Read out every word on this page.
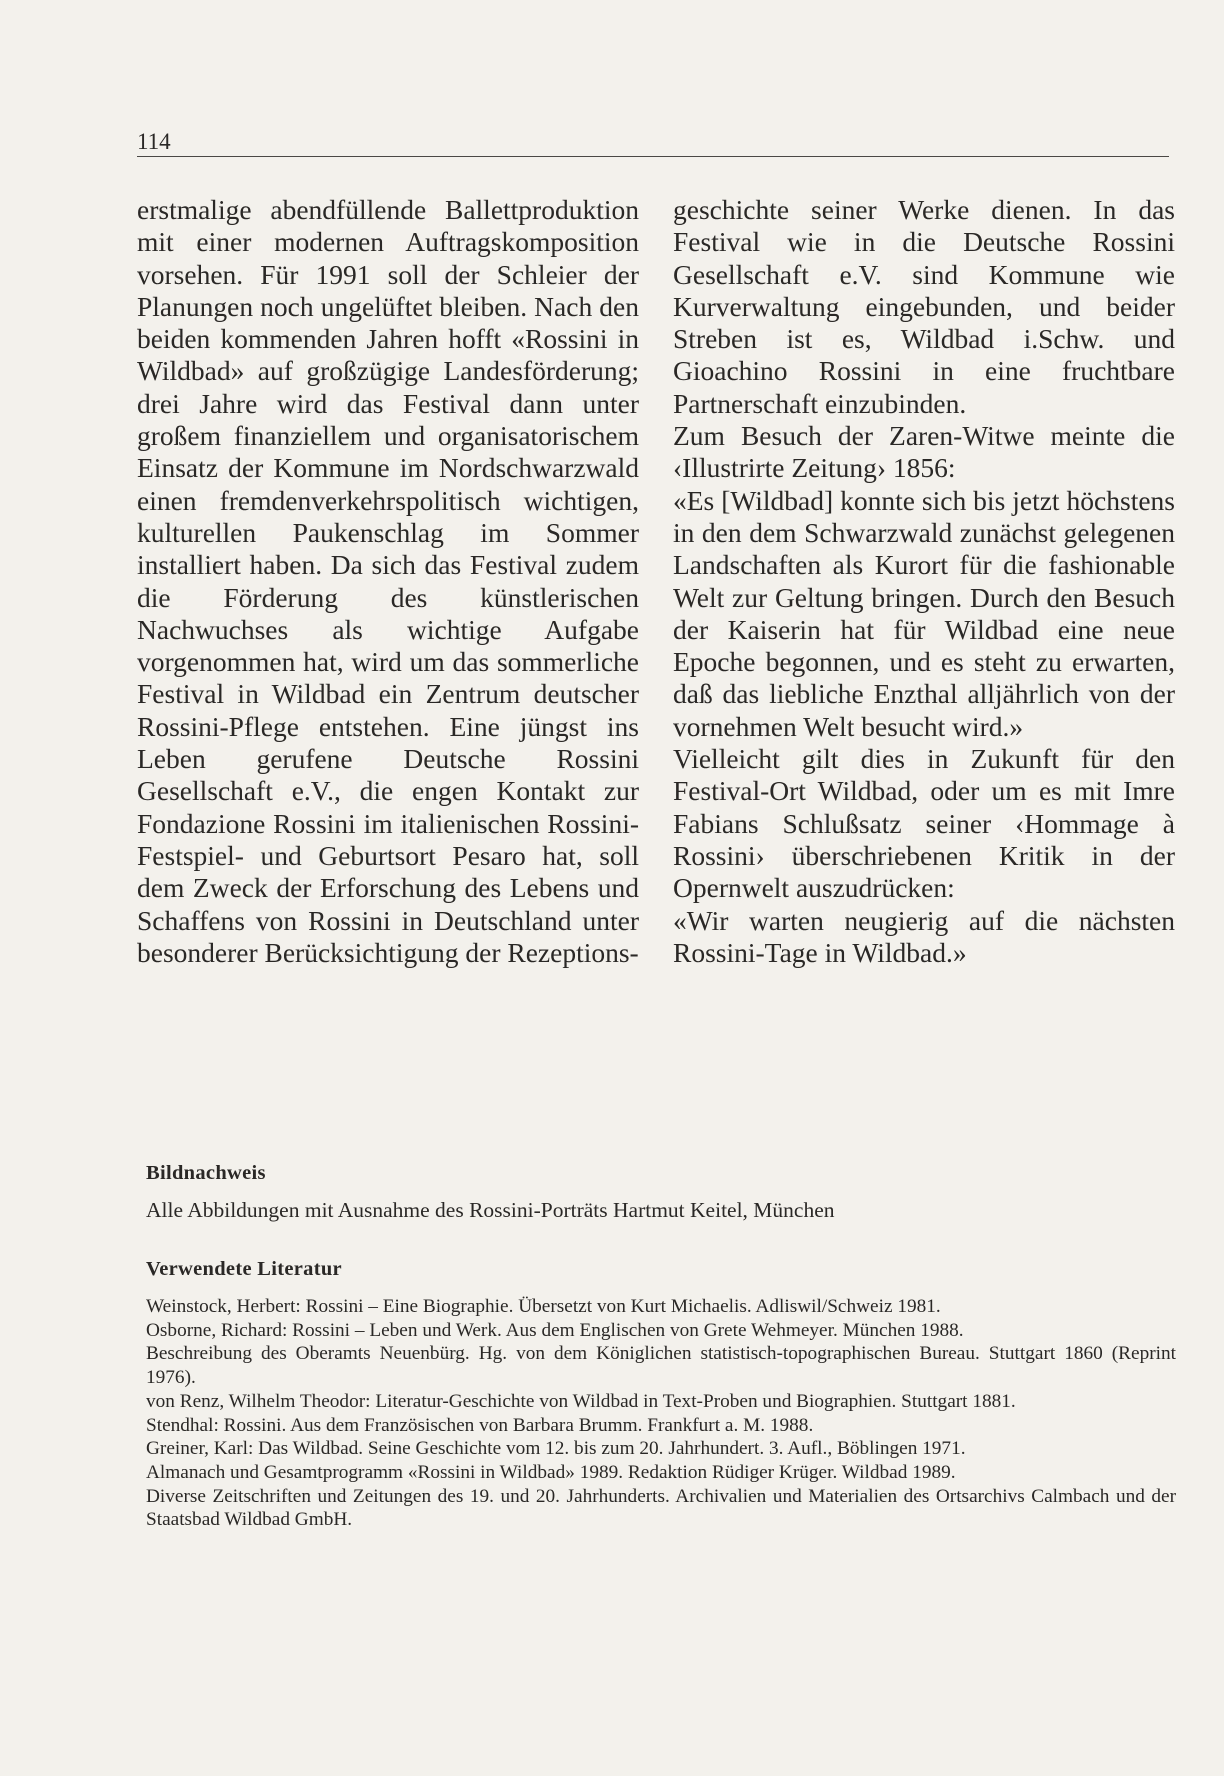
114

erstmalige abendfüllende Ballettproduktion mit einer modernen Auftragskomposition vorsehen. Für 1991 soll der Schleier der Planungen noch ungelüftet bleiben. Nach den beiden kommenden Jahren hofft «Rossini in Wildbad» auf großzügige Landesförderung; drei Jahre wird das Festival dann unter großem finanziellem und organisatorischem Einsatz der Kommune im Nordschwarzwald einen fremdenverkehrspolitisch wichtigen, kulturellen Paukenschlag im Sommer installiert haben. Da sich das Festival zudem die Förderung des künstlerischen Nachwuchses als wichtige Aufgabe vorgenommen hat, wird um das sommerliche Festival in Wildbad ein Zentrum deutscher Rossini-Pflege entstehen. Eine jüngst ins Leben gerufene Deutsche Rossini Gesellschaft e.V., die engen Kontakt zur Fondazione Rossini im italienischen Rossini-Festspiel- und Geburtsort Pesaro hat, soll dem Zweck der Erforschung des Lebens und Schaffens von Rossini in Deutschland unter besonderer Berücksichtigung der Rezeptions-

geschichte seiner Werke dienen. In das Festival wie in die Deutsche Rossini Gesellschaft e.V. sind Kommune wie Kurverwaltung eingebunden, und beider Streben ist es, Wildbad i.Schw. und Gioachino Rossini in eine fruchtbare Partnerschaft einzubinden.

Zum Besuch der Zaren-Witwe meinte die ‹Illustrirte Zeitung› 1856:

«Es [Wildbad] konnte sich bis jetzt höchstens in den dem Schwarzwald zunächst gelegenen Landschaften als Kurort für die fashionable Welt zur Geltung bringen. Durch den Besuch der Kaiserin hat für Wildbad eine neue Epoche begonnen, und es steht zu erwarten, daß das liebliche Enzthal alljährlich von der vornehmen Welt besucht wird.»

Vielleicht gilt dies in Zukunft für den Festival-Ort Wildbad, oder um es mit Imre Fabians Schlußsatz seiner ‹Hommage à Rossini› überschriebenen Kritik in der Opernwelt auszudrücken:

«Wir warten neugierig auf die nächsten Rossini-Tage in Wildbad.»

Bildnachweis
Alle Abbildungen mit Ausnahme des Rossini-Porträts Hartmut Keitel, München
Verwendete Literatur

Weinstock, Herbert: Rossini – Eine Biographie. Übersetzt von Kurt Michaelis. Adliswil/Schweiz 1981.

Osborne, Richard: Rossini – Leben und Werk. Aus dem Englischen von Grete Wehmeyer. München 1988.

Beschreibung des Oberamts Neuenbürg. Hg. von dem Königlichen statistisch-topographischen Bureau. Stuttgart 1860 (Reprint 1976).

von Renz, Wilhelm Theodor: Literatur-Geschichte von Wildbad in Text-Proben und Biographien. Stuttgart 1881.

Stendhal: Rossini. Aus dem Französischen von Barbara Brumm. Frankfurt a. M. 1988.

Greiner, Karl: Das Wildbad. Seine Geschichte vom 12. bis zum 20. Jahrhundert. 3. Aufl., Böblingen 1971.

Almanach und Gesamtprogramm «Rossini in Wildbad» 1989. Redaktion Rüdiger Krüger. Wildbad 1989.

Diverse Zeitschriften und Zeitungen des 19. und 20. Jahrhunderts. Archivalien und Materialien des Ortsarchivs Calmbach und der Staatsbad Wildbad GmbH.
